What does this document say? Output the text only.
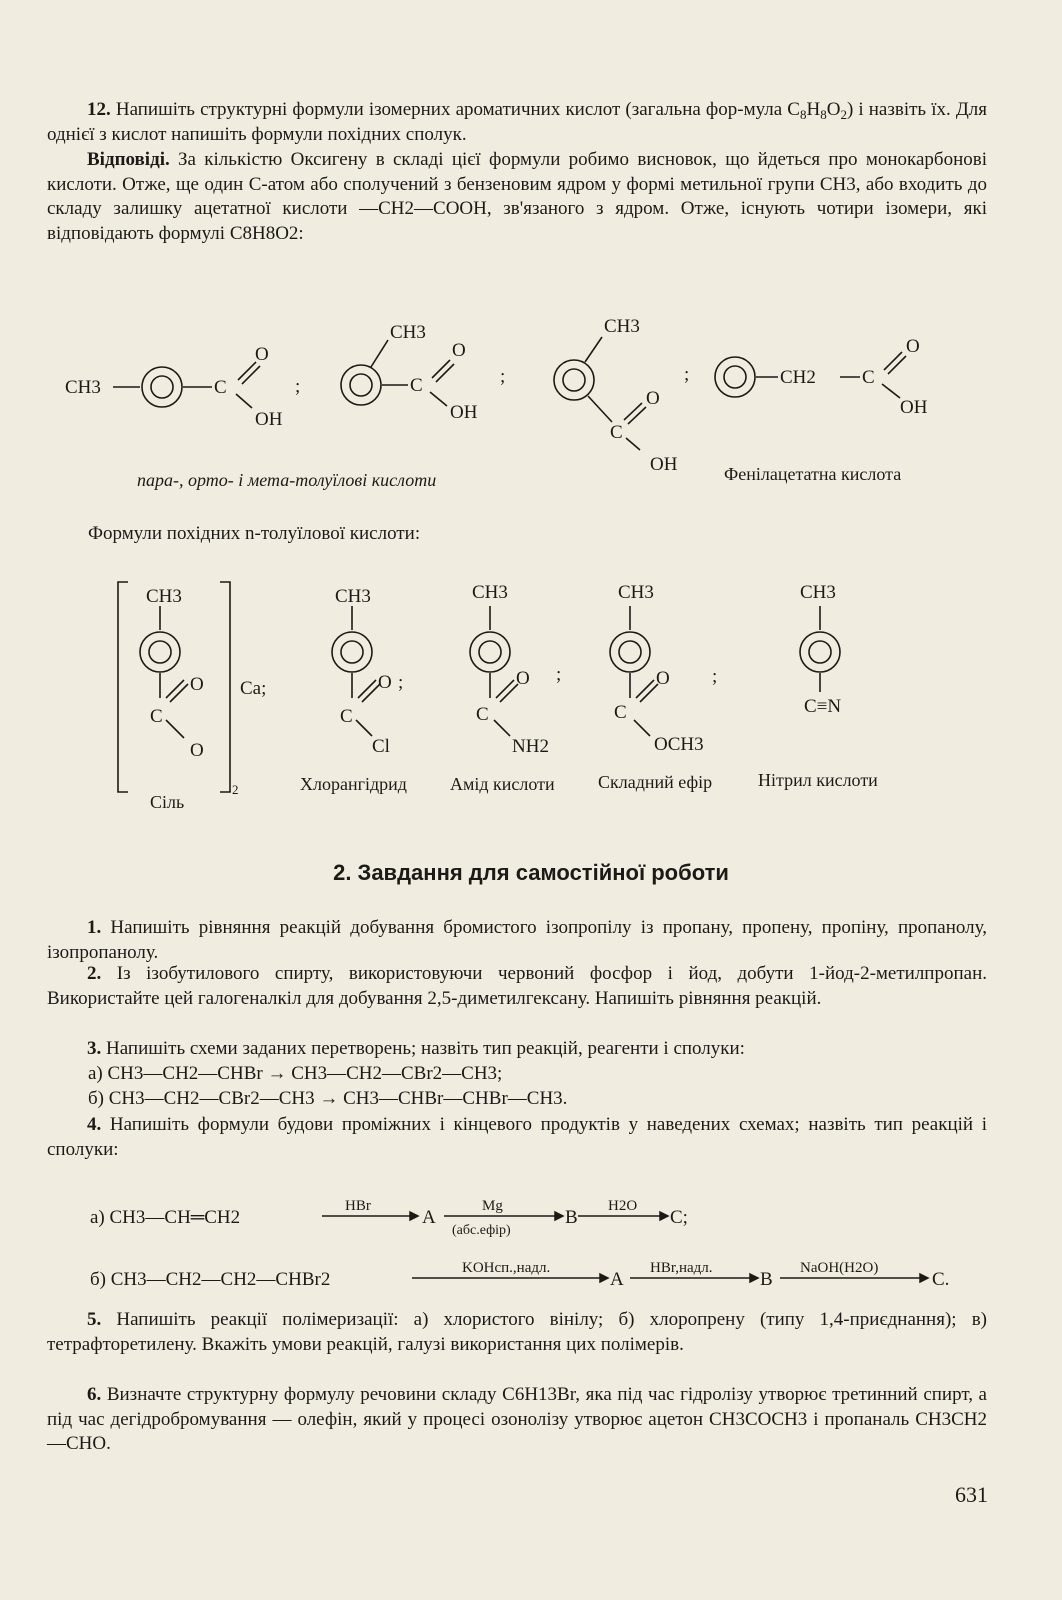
12. Напишіть структурні формули ізомерних ароматичних кислот (загальна фор-мула $C_8H_8O_2$) і назвіть їх. Для однієї з кислот напишіть формули похідних сполук.

Відповіді. За кількістю Оксигену в складі цієї формули робимо висновок, що йдеться про монокарбонові кислоти. Отже, ще один C-атом або сполучений з бензеновим ядром у формі метильної групи CH3, або входить до складу залишку ацетатної кислоти —CH2—COOH, зв'язаного з ядром. Отже, існують чотири ізомери, які відповідають формулі C8H8O2:

CH3	C
O
OH
;
CH3
C
O
OH
;
CH3
C
O
OH
;	CH2 C
O
OH
пара-, орто- і мета-толуїлові кислоти	Фенілацетатна кислота
Формули похідних n-толуїлової кислоти:
CH3
C
O
O
Ca;
2
CH3
C
O ;
Cl
CH3
C
O
NH2
;
CH3
C
O
OCH3
;
CH3
C≡N
Сіль
Хлорангідрид Амід кислоти Складний ефір	Нітрил кислоти
2. Завдання для самостійної роботи

1. Напишіть рівняння реакцій добування бромистого ізопропілу із пропану, пропену, пропіну, пропанолу, ізопропанолу.

2. Із ізобутилового спирту, використовуючи червоний фосфор і йод, добути 1-йод-2-метилпропан. Використайте цей галогеналкіл для добування 2,5-диметилгексану. Напишіть рівняння реакцій.

3. Напишіть схеми заданих перетворень; назвіть тип реакцій, реагенти і сполуки:

а) CH3—CH2—CHBr → CH3—CH2—CBr2—CH3;
б) CH3—CH2—CBr2—CH3 → CH3—CHBr—CHBr—CH3.

4. Напишіть формули будови проміжних і кінцевого продуктів у наведених схемах; назвіть тип реакцій і сполуки:

а) CH3—CH═CH2
HBr
A
Mg
(абс.ефір)
B
H2O
C;
б) CH3—CH2—CH2—CHBr2
KOHсп.,надл.
A
HBr,надл.
B
NaOH(H2O)
C.

5. Напишіть реакції полімеризації: а) хлористого вінілу; б) хлоропрену (типу 1,4-приєднання); в) тетрафторетилену. Вкажіть умови реакцій, галузі використання цих полімерів.

6. Визначте структурну формулу речовини складу C6H13Br, яка під час гідролізу утворює третинний спирт, а під час дегідробромування — олефін, який у процесі озонолізу утворює ацетон CH3COCH3 і пропаналь CH3CH2—CHO.

631
